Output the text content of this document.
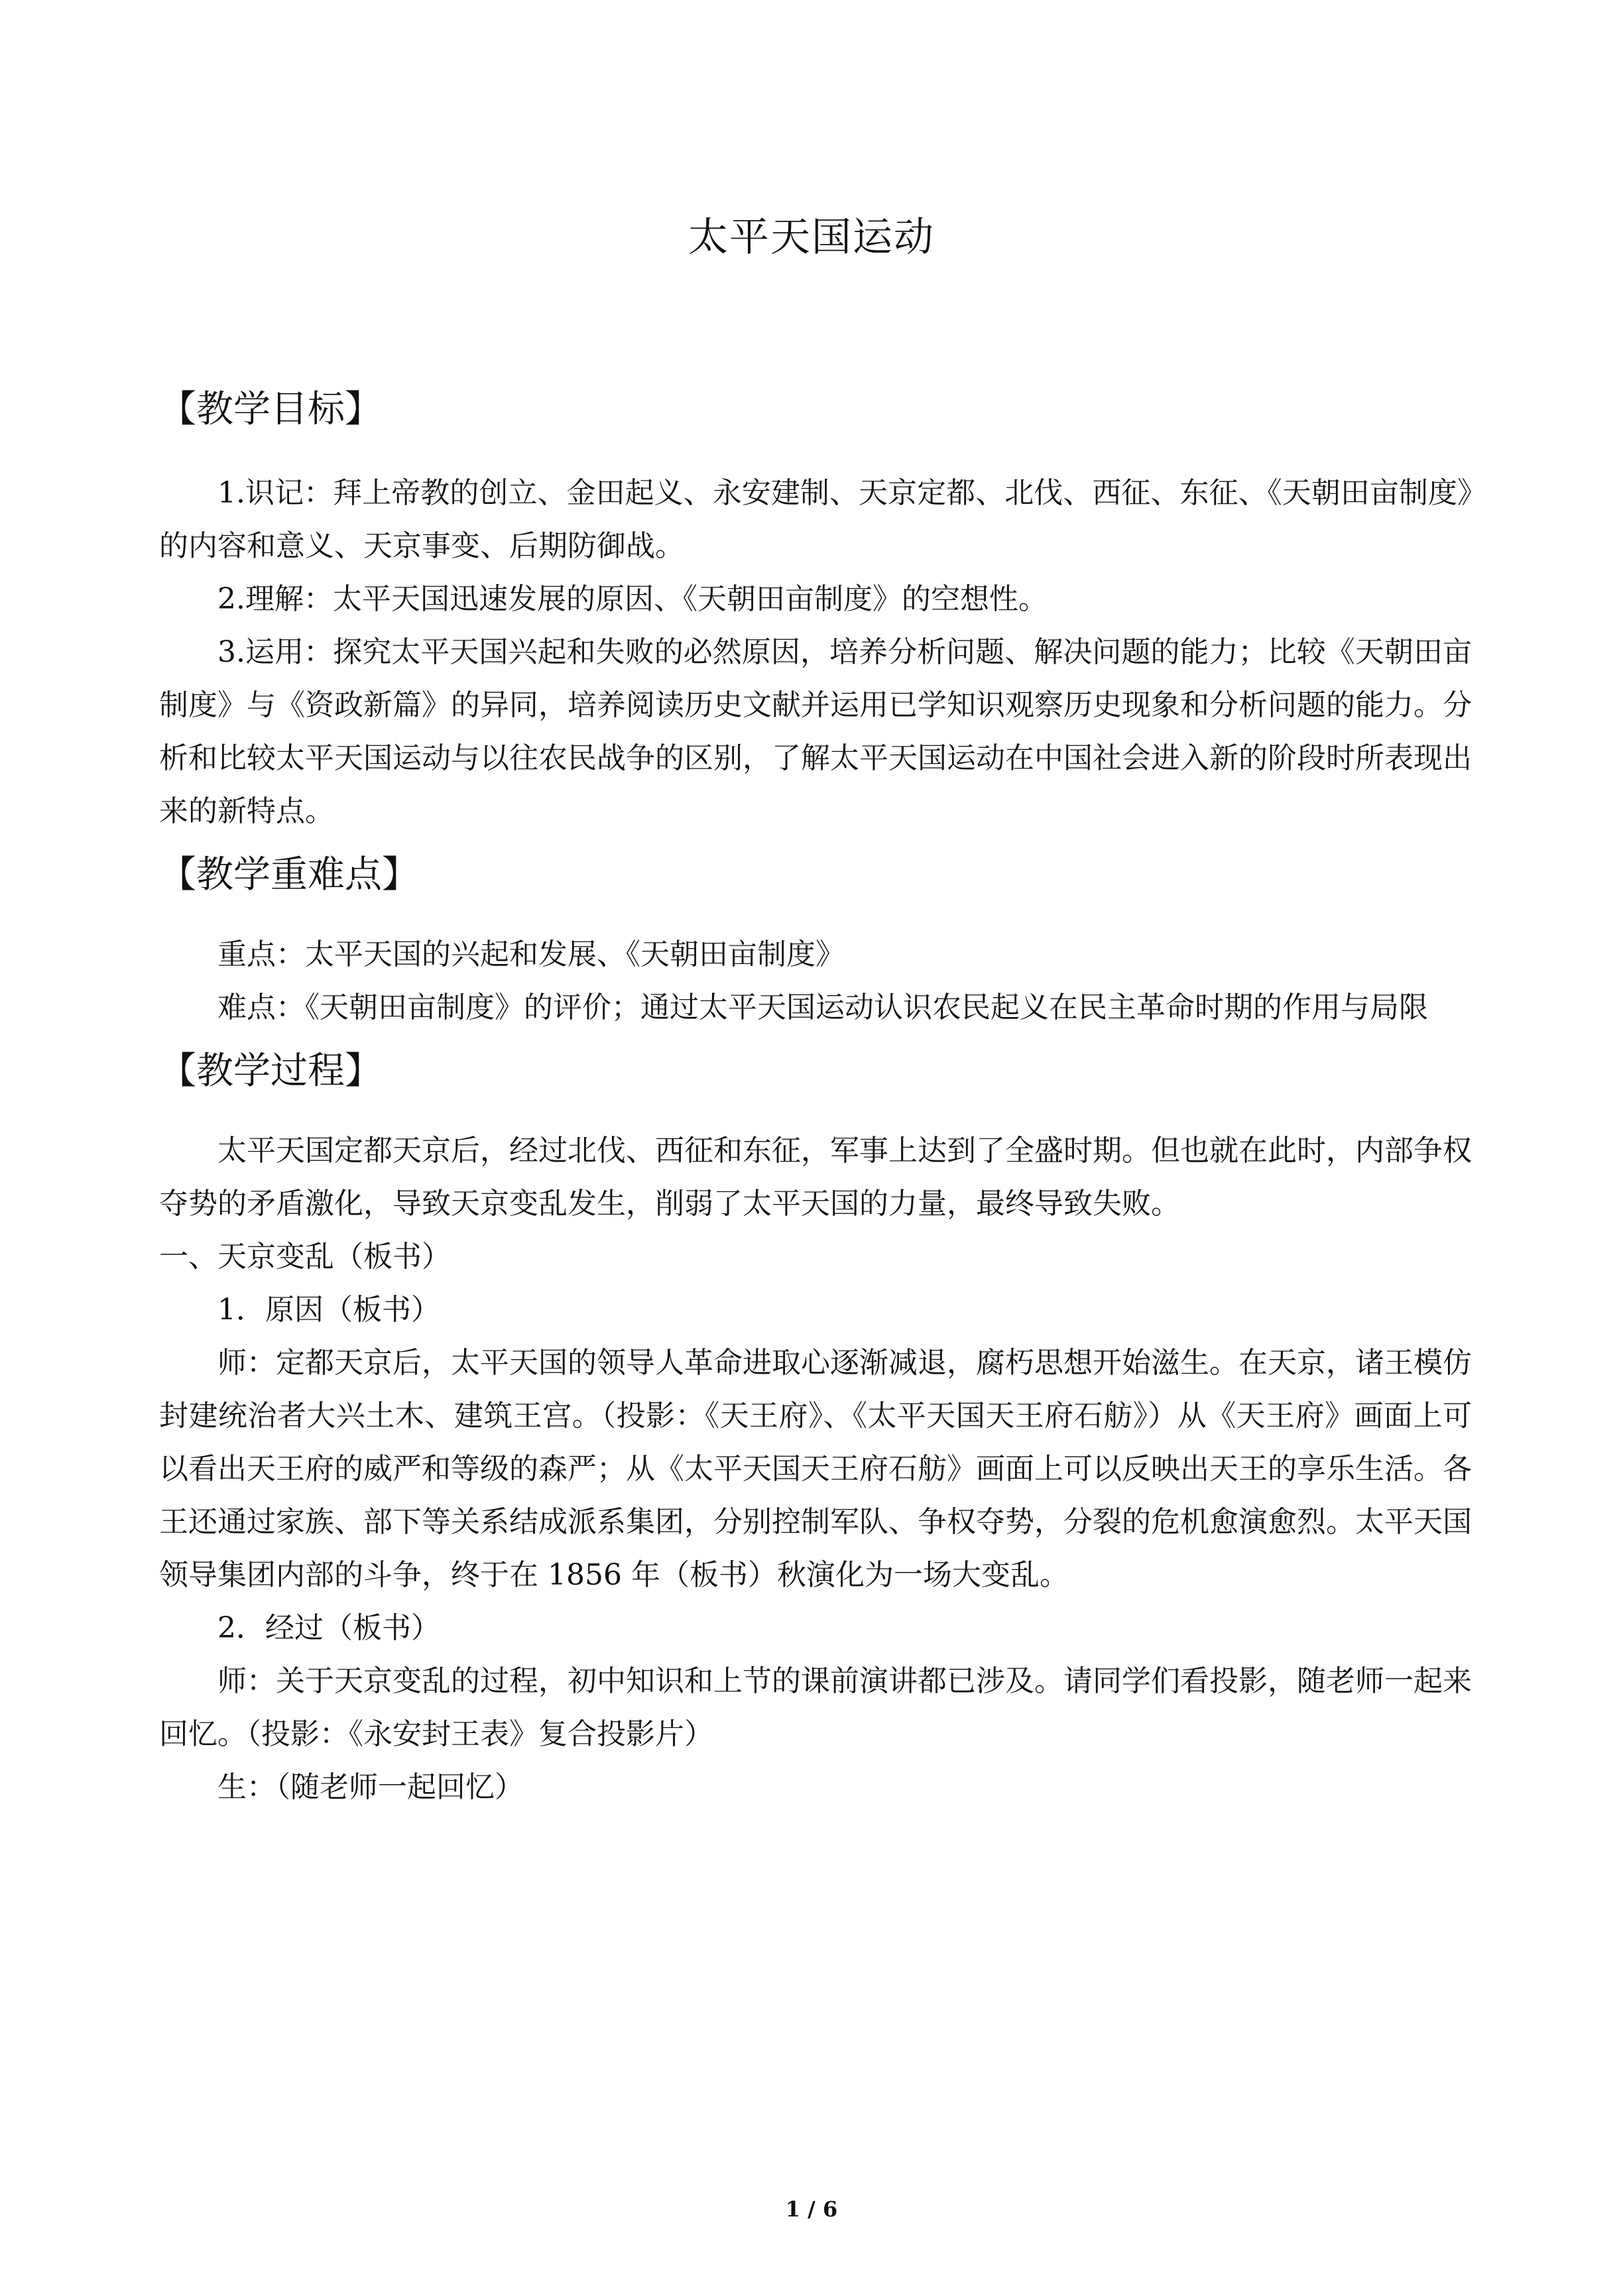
太平天国运动
【教学目标】

1.识记：拜上帝教的创立、金田起义、永安建制、天京定都、北伐、西征、东征、《天朝田亩制度》的内容和意义、天京事变、后期防御战。

2.理解：太平天国迅速发展的原因、《天朝田亩制度》的空想性。

3.运用：探究太平天国兴起和失败的必然原因，培养分析问题、解决问题的能力；比较《天朝田亩制度》与《资政新篇》的异同，培养阅读历史文献并运用已学知识观察历史现象和分析问题的能力。分析和比较太平天国运动与以往农民战争的区别，了解太平天国运动在中国社会进入新的阶段时所表现出来的新特点。

【教学重难点】

重点：太平天国的兴起和发展、《天朝田亩制度》

难点：《天朝田亩制度》的评价；通过太平天国运动认识农民起义在民主革命时期的作用与局限

【教学过程】

太平天国定都天京后，经过北伐、西征和东征，军事上达到了全盛时期。但也就在此时，内部争权夺势的矛盾激化，导致天京变乱发生，削弱了太平天国的力量，最终导致失败。

一、天京变乱（板书）

1．原因（板书）

师：定都天京后，太平天国的领导人革命进取心逐渐减退，腐朽思想开始滋生。在天京，诸王模仿封建统治者大兴土木、建筑王宫。（投影：《天王府》、《太平天国天王府石舫》）从《天王府》画面上可以看出天王府的威严和等级的森严；从《太平天国天王府石舫》画面上可以反映出天王的享乐生活。各王还通过家族、部下等关系结成派系集团，分别控制军队、争权夺势，分裂的危机愈演愈烈。太平天国领导集团内部的斗争，终于在 1856 年（板书）秋演化为一场大变乱。

2．经过（板书）

师：关于天京变乱的过程，初中知识和上节的课前演讲都已涉及。请同学们看投影，随老师一起来回忆。（投影：《永安封王表》复合投影片）

生：（随老师一起回忆）

1 / 6
